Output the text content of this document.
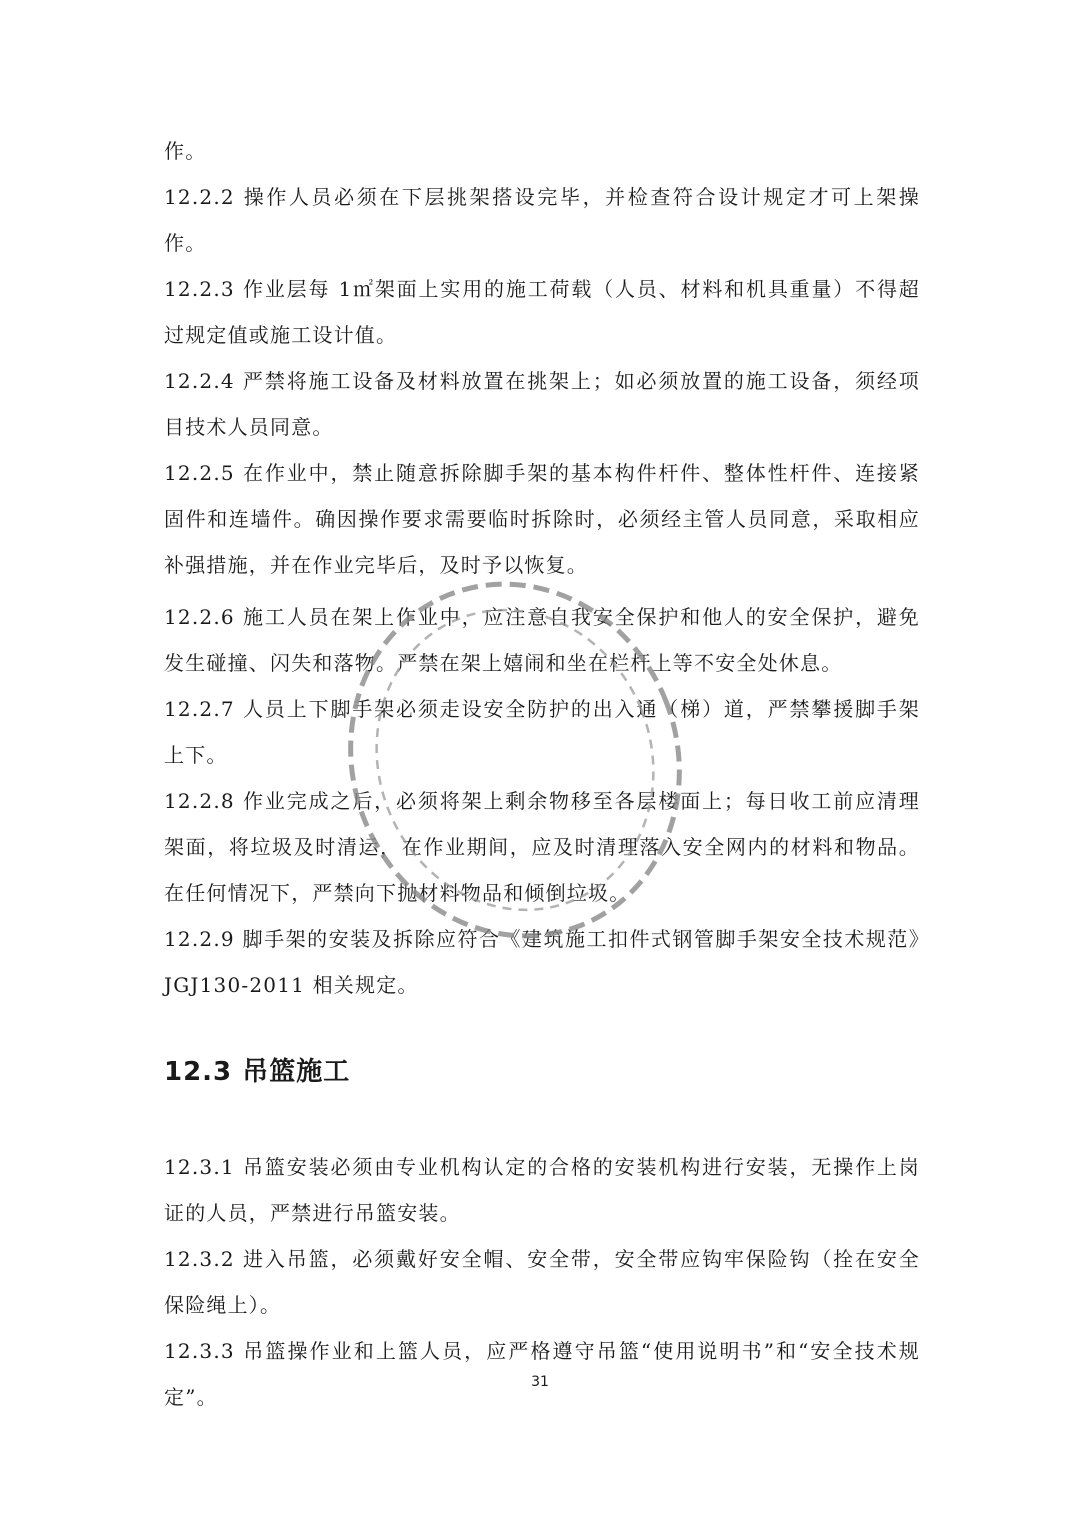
作。

12.2.2 操作人员必须在下层挑架搭设完毕，并检查符合设计规定才可上架操作。

12.2.3 作业层每 1㎡架面上实用的施工荷载（人员、材料和机具重量）不得超过规定值或施工设计值。

12.2.4 严禁将施工设备及材料放置在挑架上；如必须放置的施工设备，须经项目技术人员同意。

12.2.5 在作业中，禁止随意拆除脚手架的基本构件杆件、整体性杆件、连接紧固件和连墙件。确因操作要求需要临时拆除时，必须经主管人员同意，采取相应补强措施，并在作业完毕后，及时予以恢复。

12.2.6 施工人员在架上作业中，应注意自我安全保护和他人的安全保护，避免发生碰撞、闪失和落物。严禁在架上嬉闹和坐在栏杆上等不安全处休息。

12.2.7 人员上下脚手架必须走设安全防护的出入通（梯）道，严禁攀援脚手架上下。

12.2.8 作业完成之后，必须将架上剩余物移至各层楼面上；每日收工前应清理架面，将垃圾及时清运，在作业期间，应及时清理落入安全网内的材料和物品。在任何情况下，严禁向下抛材料物品和倾倒垃圾。

12.2.9 脚手架的安装及拆除应符合《建筑施工扣件式钢管脚手架安全技术规范》JGJ130-2011 相关规定。

12.3 吊篮施工

12.3.1 吊篮安装必须由专业机构认定的合格的安装机构进行安装，无操作上岗证的人员，严禁进行吊篮安装。

12.3.2 进入吊篮，必须戴好安全帽、安全带，安全带应钩牢保险钩（拴在安全保险绳上）。

12.3.3 吊篮操作业和上篮人员，应严格遵守吊篮“使用说明书”和“安全技术规定”。

31
